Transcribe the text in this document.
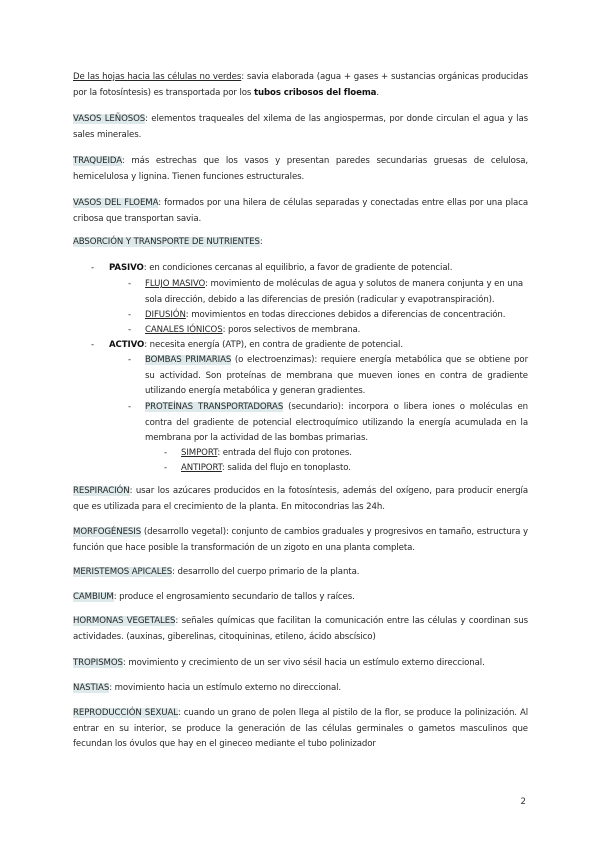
De las hojas hacia las células no verdes: savia elaborada (agua + gases + sustancias orgánicas producidas por la fotosíntesis) es transportada por los tubos cribosos del floema.

VASOS LEÑOSOS: elementos traqueales del xilema de las angiospermas, por donde circulan el agua y las sales minerales.

TRAQUEIDA: más estrechas que los vasos y presentan paredes secundarias gruesas de celulosa, hemicelulosa y lignina. Tienen funciones estructurales.

VASOS DEL FLOEMA: formados por una hilera de células separadas y conectadas entre ellas por una placa cribosa que transportan savia.

ABSORCIÓN Y TRANSPORTE DE NUTRIENTES:

- PASIVO: en condiciones cercanas al equilibrio, a favor de gradiente de potencial.

- FLUJO MASIVO: movimiento de moléculas de agua y solutos de manera conjunta y en una
sola dirección, debido a las diferencias de presión (radicular y evapotranspiración).

- DIFUSIÓN: movimientos en todas direcciones debidos a diferencias de concentración.

- CANALES IÓNICOS: poros selectivos de membrana.

- ACTIVO: necesita energía (ATP), en contra de gradiente de potencial.

- BOMBAS PRIMARIAS (o electroenzimas): requiere energía metabólica que se obtiene por su actividad. Son proteínas de membrana que mueven iones en contra de gradiente utilizando energía metabólica y generan gradientes.

- PROTEÍNAS TRANSPORTADORAS (secundario): incorpora o libera iones o moléculas en contra del gradiente de potencial electroquímico utilizando la energía acumulada en la membrana por la actividad de las bombas primarias.

- SIMPORT: entrada del flujo con protones.

- ANTIPORT: salida del flujo en tonoplasto.

RESPIRACIÓN: usar los azúcares producidos en la fotosíntesis, además del oxígeno, para producir energía que es utilizada para el crecimiento de la planta. En mitocondrias las 24h.

MORFOGÉNESIS (desarrollo vegetal): conjunto de cambios graduales y progresivos en tamaño, estructura y función que hace posible la transformación de un zigoto en una planta completa.

MERISTEMOS APICALES: desarrollo del cuerpo primario de la planta.

CAMBIUM: produce el engrosamiento secundario de tallos y raíces.

HORMONAS VEGETALES: señales químicas que facilitan la comunicación entre las células y coordinan sus actividades. (auxinas, giberelinas, citoquininas, etileno, ácido abscísico)

TROPISMOS: movimiento y crecimiento de un ser vivo sésil hacia un estímulo externo direccional.

NASTIAS: movimiento hacia un estímulo externo no direccional.

REPRODUCCIÓN SEXUAL: cuando un grano de polen llega al pistilo de la flor, se produce la polinización. Al entrar en su interior, se produce la generación de las células germinales o gametos masculinos que fecundan los óvulos que hay en el gineceo mediante el tubo polinizador

2
